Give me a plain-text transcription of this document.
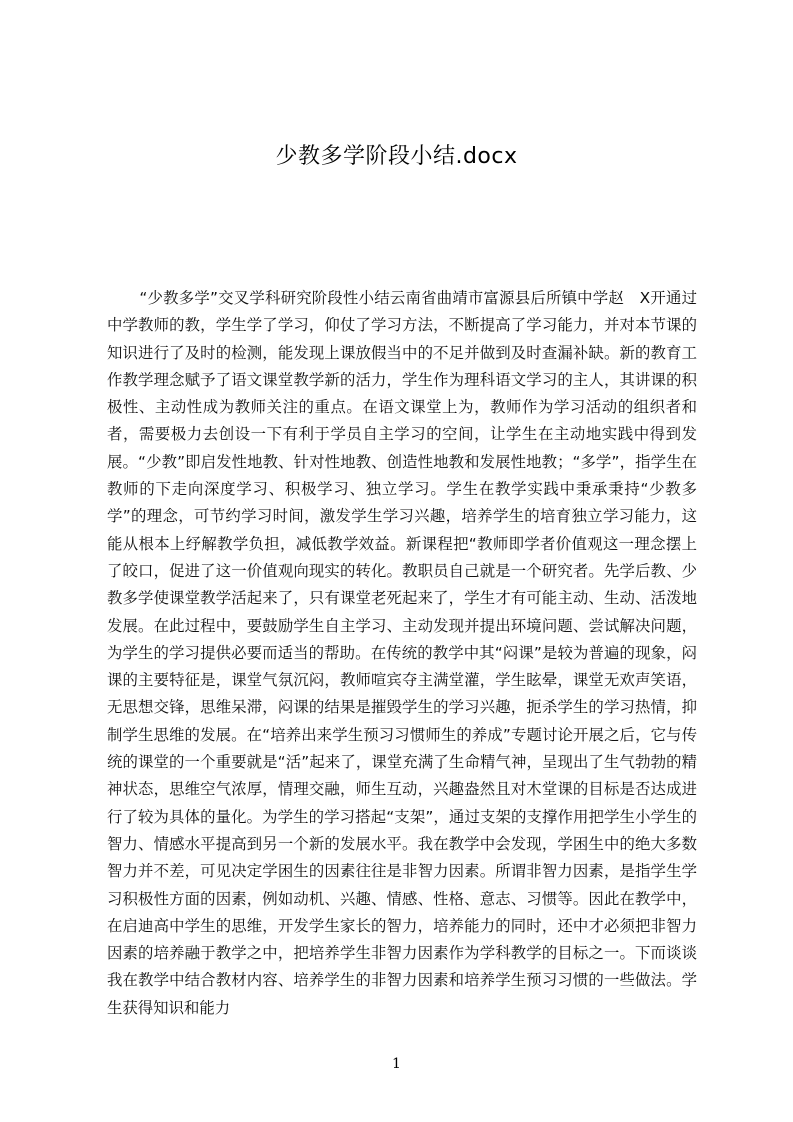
少教多学阶段小结.docx

“少教多学”交叉学科研究阶段性小结云南省曲靖市富源县后所镇中学赵　X开通过中学教师的教，学生学了学习，仰仗了学习方法，不断提高了学习能力，并对本节课的知识进行了及时的检测，能发现上课放假当中的不足并做到及时查漏补缺。新的教育工作教学理念赋予了语文课堂教学新的活力，学生作为理科语文学习的主人，其讲课的积极性、主动性成为教师关注的重点。在语文课堂上为，教师作为学习活动的组织者和者，需要极力去创设一下有利于学员自主学习的空间，让学生在主动地实践中得到发展。“少教”即启发性地教、针对性地教、创造性地教和发展性地教；“多学”，指学生在教师的下走向深度学习、积极学习、独立学习。学生在教学实践中秉承秉持“少教多学”的理念，可节约学习时间，激发学生学习兴趣，培养学生的培育独立学习能力，这能从根本上纾解教学负担，减低教学效益。新课程把“教师即学者价值观这一理念摆上了皎口，促进了这一价值观向现实的转化。教职员自己就是一个研究者。先学后教、少教多学使课堂教学活起来了，只有课堂老死起来了，学生才有可能主动、生动、活泼地发展。在此过程中，要鼓励学生自主学习、主动发现并提出环境问题、尝试解决问题，为学生的学习提供必要而适当的帮助。在传统的教学中其“闷课”是较为普遍的现象，闷课的主要特征是，课堂气氛沉闷，教师喧宾夺主满堂灌，学生眩晕，课堂无欢声笑语，无思想交锋，思维呆滞，闷课的结果是摧毁学生的学习兴趣，扼杀学生的学习热情，抑制学生思维的发展。在“培养出来学生预习习惯师生的养成”专题讨论开展之后，它与传统的课堂的一个重要就是“活”起来了，课堂充满了生命精气神，呈现出了生气勃勃的精神状态，思维空气浓厚，情理交融，师生互动，兴趣盎然且对木堂课的目标是否达成进行了较为具体的量化。为学生的学习搭起“支架”，通过支架的支撑作用把学生小学生的智力、情感水平提高到另一个新的发展水平。我在教学中会发现，学困生中的绝大多数智力并不差，可见决定学困生的因素往往是非智力因素。所谓非智力因素，是指学生学习积极性方面的因素，例如动机、兴趣、情感、性格、意志、习惯等。因此在教学中，在启迪高中学生的思维，开发学生家长的智力，培养能力的同时，还中才必须把非智力因素的培养融于教学之中，把培养学生非智力因素作为学科教学的目标之一。下而谈谈我在教学中结合教材内容、培养学生的非智力因素和培养学生预习习惯的一些做法。学生获得知识和能力

1
